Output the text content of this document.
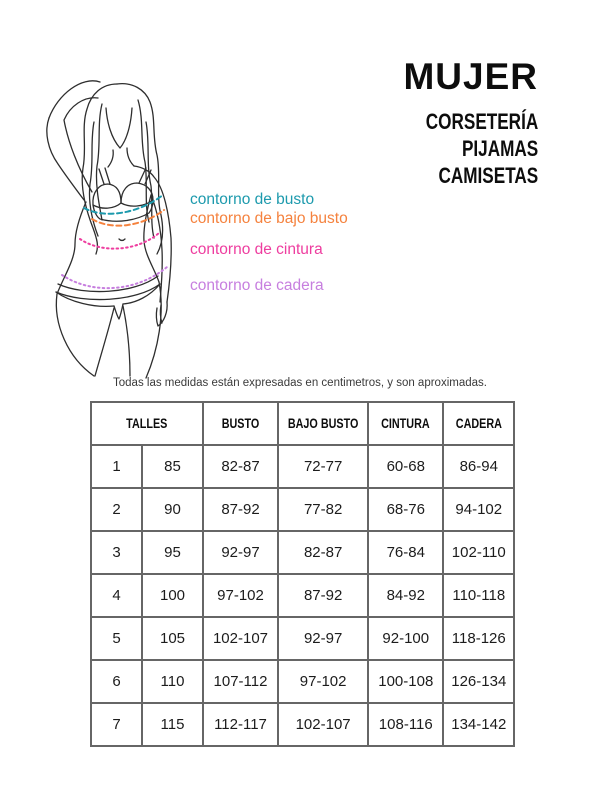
MUJER
CORSETERÍA
PIJAMAS
CAMISETAS
contorno de busto
contorno de bajo busto
contorno de cintura
contorno de cadera
Todas las medidas están expresadas en centimetros, y son aproximadas.
TALLES		BUSTO	BAJO BUSTO	CINTURA	CADERA
1	85	82-87	72-77	60-68	86-94
2	90	87-92	77-82	68-76	94-102
3	95	92-97	82-87	76-84	102-110
4	100	97-102	87-92	84-92	110-118
5	105	102-107	92-97	92-100	118-126
6	110	107-112	97-102	100-108	126-134
7	115	112-117	102-107	108-116	134-142
